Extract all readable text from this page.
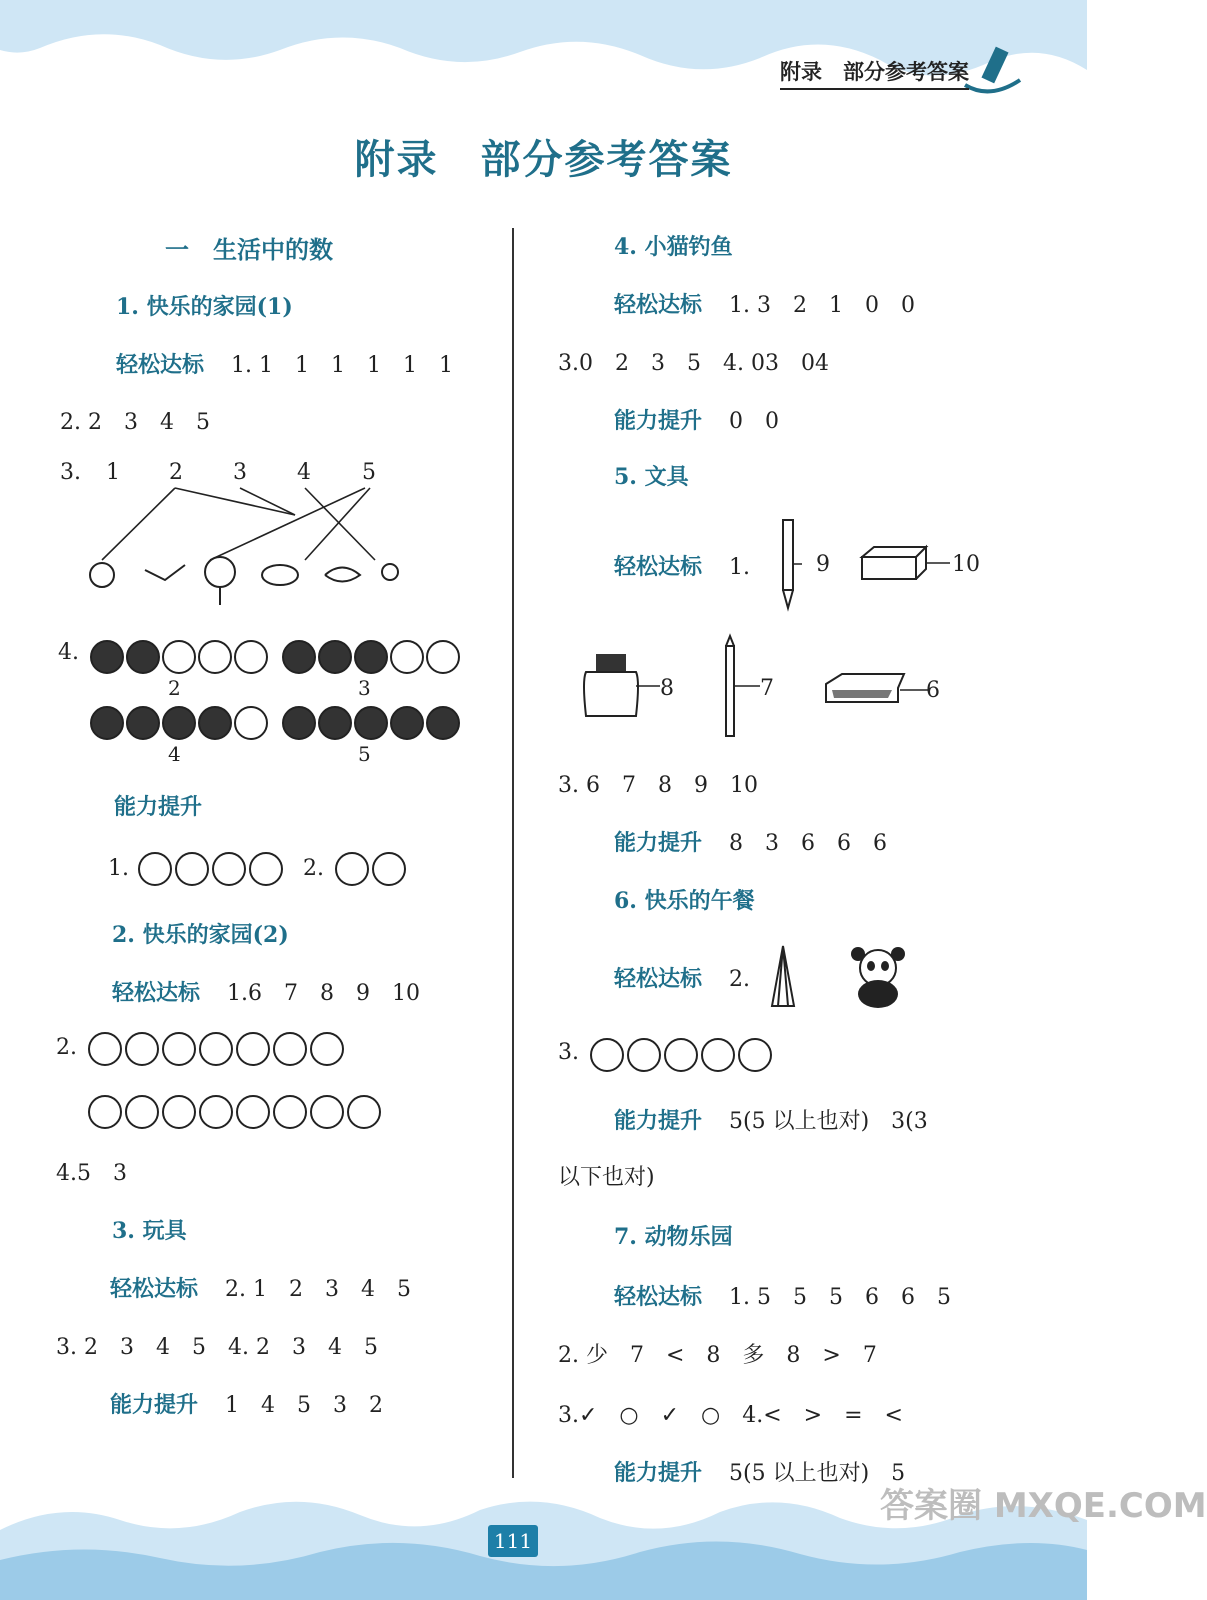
附录　部分参考答案
附录　部分参考答案
一　生活中的数
1. 快乐的家园(1)
轻松达标 1. 1　1　1　1　1　1
2. 2　3　4　5
3. 1 2 3 4 5
4.
2	3
4	5
能力提升
1.	2.
2. 快乐的家园(2)
轻松达标 1.6　7　8　9　10
2.
4.5　3
3. 玩具
轻松达标 2. 1　2　3　4　5
3. 2　3　4　5　4. 2　3　4　5
能力提升 1　4　5　3　2
4. 小猫钓鱼
轻松达标 1. 3　2　1　0　0
3.0　2　3　5　4. 03　04
能力提升 0　0
5. 文具
轻松达标 1.	9	10
8	7	6
3. 6　7　8　9　10
能力提升 8　3　6　6　6
6. 快乐的午餐
轻松达标 2.
3.
能力提升 5(5 以上也对)　3(3
以下也对)
7. 动物乐园
轻松达标 1. 5　5　5　6　6　5
2. 少　7　<　8　多　8　>　7
3.✓　○　✓　○　4.<　>　=　<
能力提升 5(5 以上也对)　5
111
答案圈 MXQE.COM
